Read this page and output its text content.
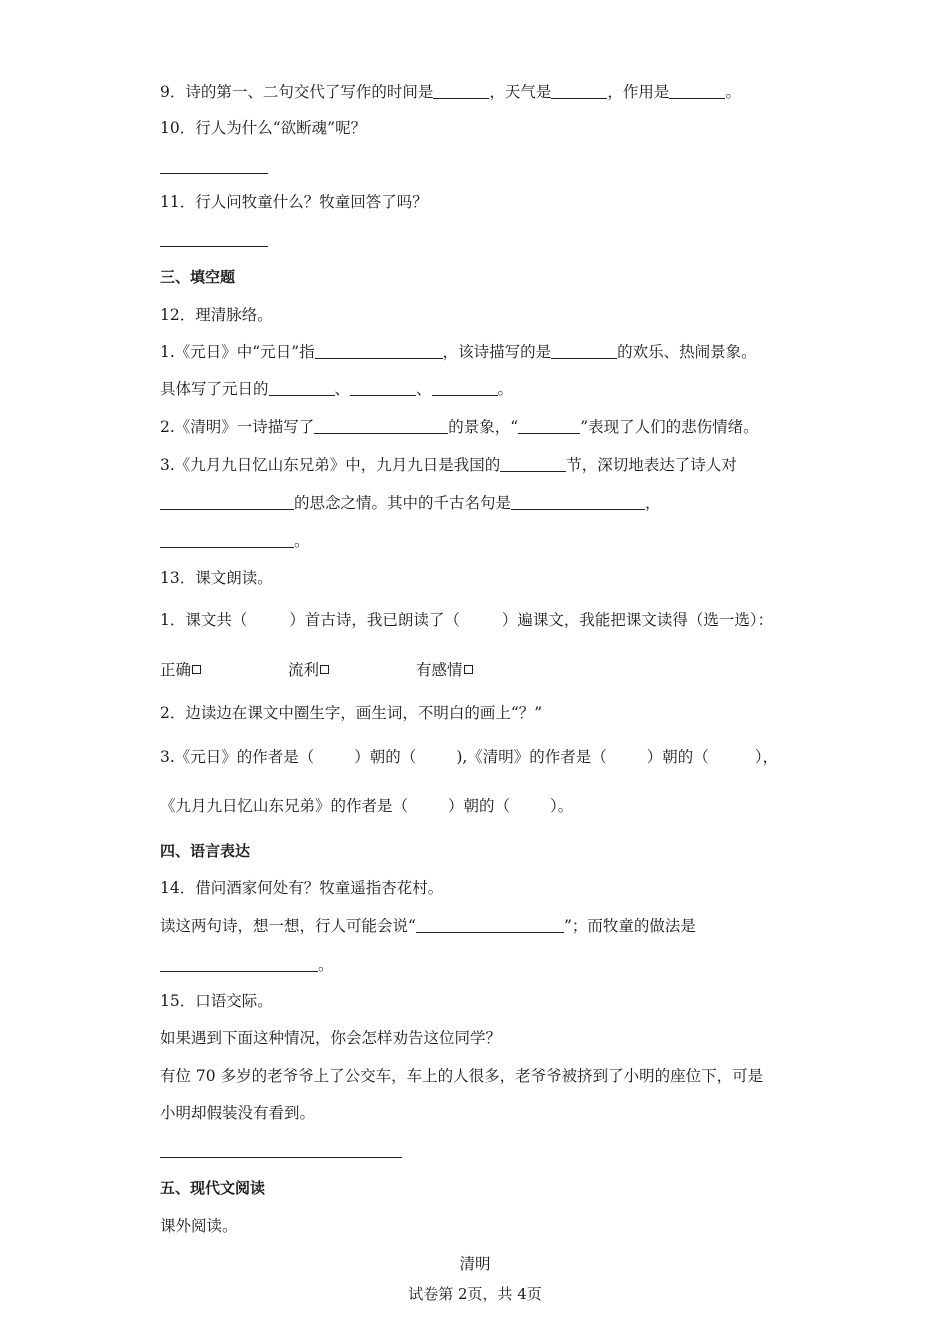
9．诗的第一、二句交代了写作的时间是	，天气是	，作用是	。
10．行人为什么“欲断魂”呢？
11．行人问牧童什么？牧童回答了吗？
三、填空题
12．理清脉络。
1.《元日》中“元日”指	，该诗描写的是	的欢乐、热闹景象。
具体写了元日的	、	、	。
2.《清明》一诗描写了	的景象，“	”表现了人们的悲伤情绪。
3.《九月九日忆山东兄弟》中，九月九日是我国的	节，深切地表达了诗人对
的思念之情。其中的千古名句是	，
。
13．课文朗读。
1．课文共（	）首古诗，我已朗读了（	）遍课文，我能把课文读得（选一选）：
正确	流利	有感情
2．边读边在课文中圈生字，画生词，不明白的画上“？”
3.《元日》的作者是（	）朝的（	),《清明》的作者是（	）朝的（	），
《九月九日忆山东兄弟》的作者是（	）朝的（	）。
四、语言表达
14．借问酒家何处有？牧童遥指杏花村。
读这两句诗，想一想，行人可能会说“	”；而牧童的做法是
。
15．口语交际。
如果遇到下面这种情况，你会怎样劝告这位同学？
有位 70 多岁的老爷爷上了公交车，车上的人很多，老爷爷被挤到了小明的座位下，可是
小明却假装没有看到。
五、现代文阅读
课外阅读。
清明
试卷第 2页，共 4页
